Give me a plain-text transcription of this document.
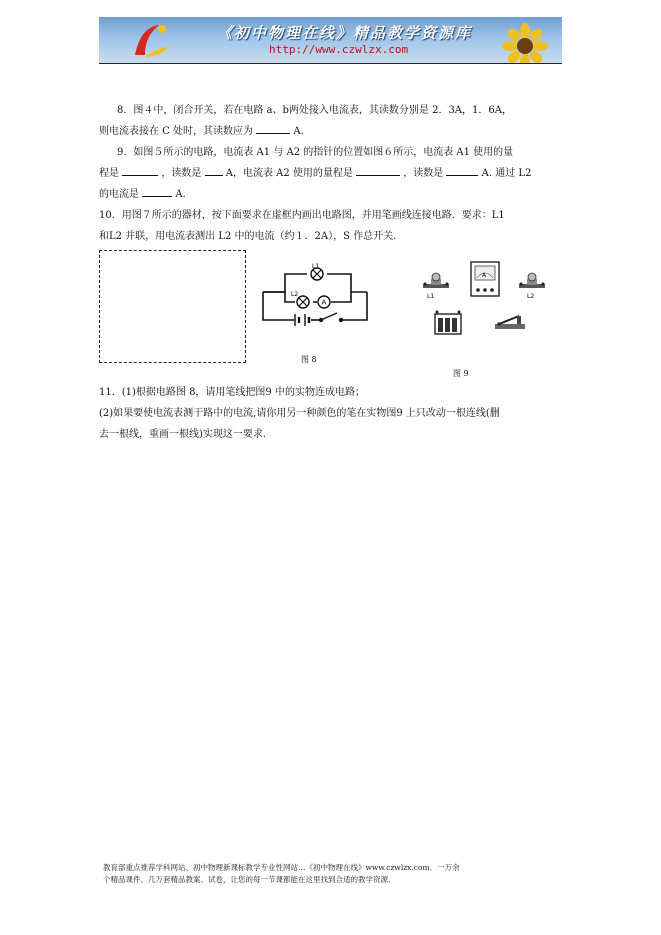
《初中物理在线》精品教学资源库
http://www.czwlzx.com
8．图４中，闭合开关，若在电路 a、b两处接入电流表，其读数分别是 2．3A，1．6A，
则电流表接在 C 处时，其读数应为	A.
9．如图５所示的电路，电流表 A1 与 A2 的指针的位置如图６所示，电流表 A1 使用的量
程是	，读数是 A，电流表 A2 使用的量程是	，读数是	A. 通过 L2
的电流是	A.
10．用图７所示的器材，按下面要求在虚框内画出电路图，并用笔画线连接电路．要求：L1
和L2 并联，用电流表测出 L2 中的电流（约１．2A），S 作总开关.
L1
L2
A
图 8
L1
A
L2
图 9
11．(1)根据电路图 8，请用笔线把图9 中的实物连成电路；
(2)如果要使电流表测干路中的电流,请你用另一种颜色的笔在实物图9 上只改动一根连线(删
去一根线，重画一根线)实现这一要求.
教育部重点推荐学科网站、初中物理新课标教学专业性网站…《初中物理在线》www.czwlzx.com．一万余
个精品课件、几万套精品教案、试卷，让您的每一节课都能在这里找到合适的教学资源.
